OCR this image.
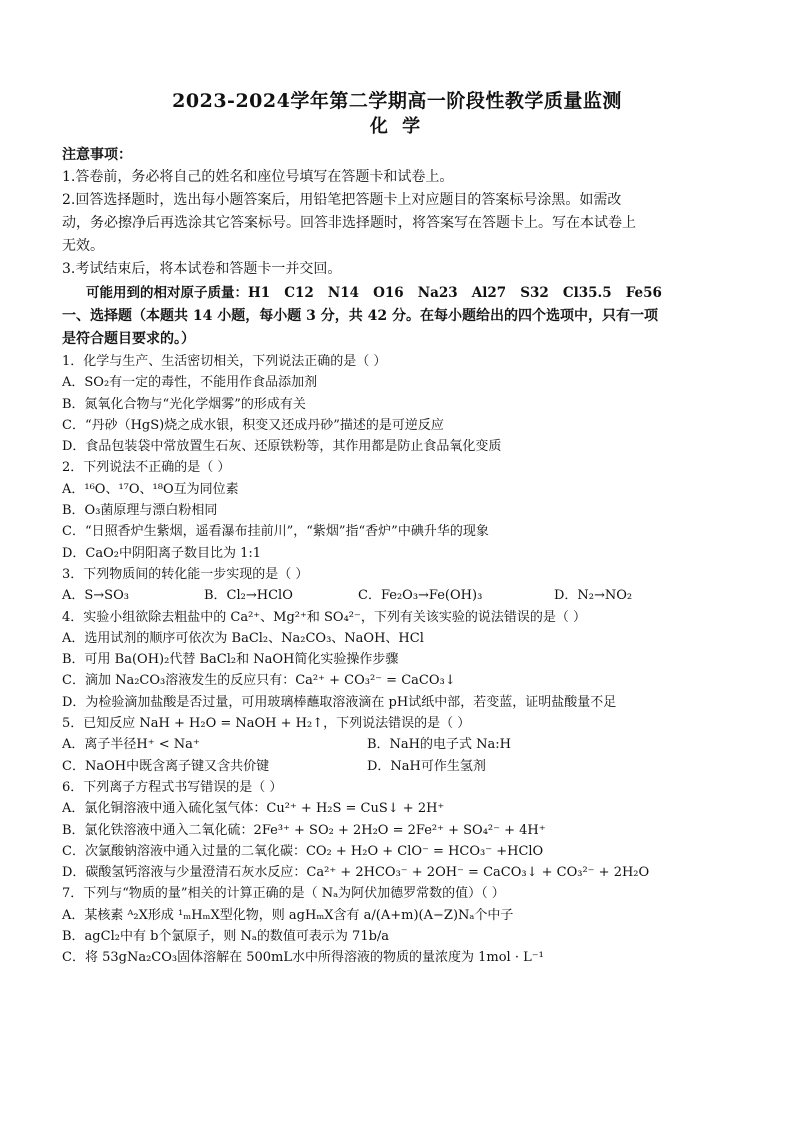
2023-2024学年第二学期高一阶段性教学质量监测
化 学
注意事项：
1.答卷前，务必将自己的姓名和座位号填写在答题卡和试卷上。
2.回答选择题时，选出每小题答案后，用铅笔把答题卡上对应题目的答案标号涂黑。如需改
动，务必擦净后再选涂其它答案标号。回答非选择题时，将答案写在答题卡上。写在本试卷上
无效。
3.考试结束后，将本试卷和答题卡一并交回。
可能用到的相对原子质量：H1   C12   N14   O16   Na23   Al27   S32   Cl35.5   Fe56
一、选择题（本题共 14 小题，每小题 3 分，共 42 分。在每小题给出的四个选项中，只有一项
是符合题目要求的。）
1．化学与生产、生活密切相关，下列说法正确的是（ ）
A．SO₂有一定的毒性，不能用作食品添加剂
B．氮氧化合物与“光化学烟雾”的形成有关
C．“丹砂（HgS)烧之成水银，积变又还成丹砂”描述的是可逆反应
D．食品包装袋中常放置生石灰、还原铁粉等，其作用都是防止食品氧化变质
2．下列说法不正确的是（ ）
A．¹⁶O、¹⁷O、¹⁸O互为同位素
B．O₃菌原理与漂白粉相同
C．“日照香炉生紫烟，遥看瀑布挂前川”，“紫烟”指“香炉”中碘升华的现象
D．CaO₂中阴阳离子数目比为 1:1
3．下列物质间的转化能一步实现的是（ ）
A．S→SO₃	B．Cl₂→HClO	C．Fe₂O₃→Fe(OH)₃	D．N₂→NO₂
4．实验小组欲除去粗盐中的 Ca²⁺、Mg²⁺和 SO₄²⁻，下列有关该实验的说法错误的是（ ）
A．选用试剂的顺序可依次为 BaCl₂、Na₂CO₃、NaOH、HCl
B．可用 Ba(OH)₂代替 BaCl₂和 NaOH简化实验操作步骤
C．滴加 Na₂CO₃溶液发生的反应只有：Ca²⁺ + CO₃²⁻ = CaCO₃↓
D．为检验滴加盐酸是否过量，可用玻璃棒蘸取溶液滴在 pH试纸中部，若变蓝，证明盐酸量不足
5．已知反应 NaH + H₂O = NaOH + H₂↑，下列说法错误的是（ ）
A．离子半径H⁺ < Na⁺	B．NaH的电子式 Na:H
C．NaOH中既含离子键又含共价键	D．NaH可作生氢剂
6．下列离子方程式书写错误的是（ ）
A．氯化铜溶液中通入硫化氢气体：Cu²⁺ + H₂S = CuS↓ + 2H⁺
B．氯化铁溶液中通入二氧化硫：2Fe³⁺ + SO₂ + 2H₂O = 2Fe²⁺ + SO₄²⁻ + 4H⁺
C．次氯酸钠溶液中通入过量的二氧化碳：CO₂ + H₂O + ClO⁻ = HCO₃⁻ +HClO
D．碳酸氢钙溶液与少量澄清石灰水反应：Ca²⁺ + 2HCO₃⁻ + 2OH⁻ = CaCO₃↓ + CO₃²⁻ + 2H₂O
7．下列与“物质的量”相关的计算正确的是（ Nₐ为阿伏加德罗常数的值）（ ）
A．某核素 ᴬ₂X形成 ¹ₘHₘX型化物，则 agHₘX含有 a/(A+m)(A−Z)Nₐ个中子
B．agCl₂中有 b个氯原子，则 Nₐ的数值可表示为 71b/a
C．将 53gNa₂CO₃固体溶解在 500mL水中所得溶液的物质的量浓度为 1mol · L⁻¹
